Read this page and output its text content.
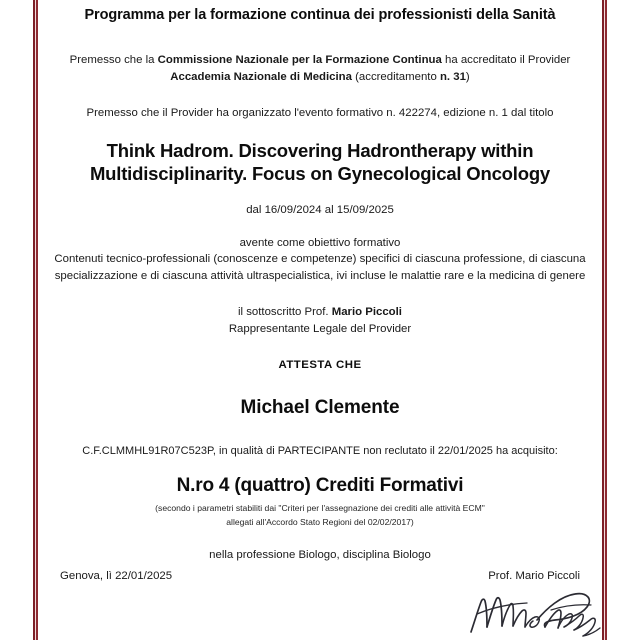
Programma per la formazione continua dei professionisti della Sanità
Premesso che la Commissione Nazionale per la Formazione Continua ha accreditato il Provider
Accademia Nazionale di Medicina (accreditamento n. 31)
Premesso che il Provider ha organizzato l'evento formativo n. 422274, edizione n. 1 dal titolo
Think Hadrom. Discovering Hadrontherapy within Multidisciplinarity. Focus on Gynecological Oncology
dal 16/09/2024 al 15/09/2025
avente come obiettivo formativo
Contenuti tecnico-professionali (conoscenze e competenze) specifici di ciascuna professione, di ciascuna specializzazione e di ciascuna attività ultraspecialistica, ivi incluse le malattie rare e la medicina di genere
il sottoscritto Prof. Mario Piccoli
Rappresentante Legale del Provider
ATTESTA CHE
Michael Clemente
C.F.CLMMHL91R07C523P, in qualità di PARTECIPANTE non reclutato il 22/01/2025 ha acquisito:
N.ro 4 (quattro) Crediti Formativi
(secondo i parametri stabiliti dai "Criteri per l'assegnazione dei crediti alle attività ECM"
allegati all'Accordo Stato Regioni del 02/02/2017)
nella professione Biologo, disciplina Biologo
Genova, lì 22/01/2025	Prof. Mario Piccoli
